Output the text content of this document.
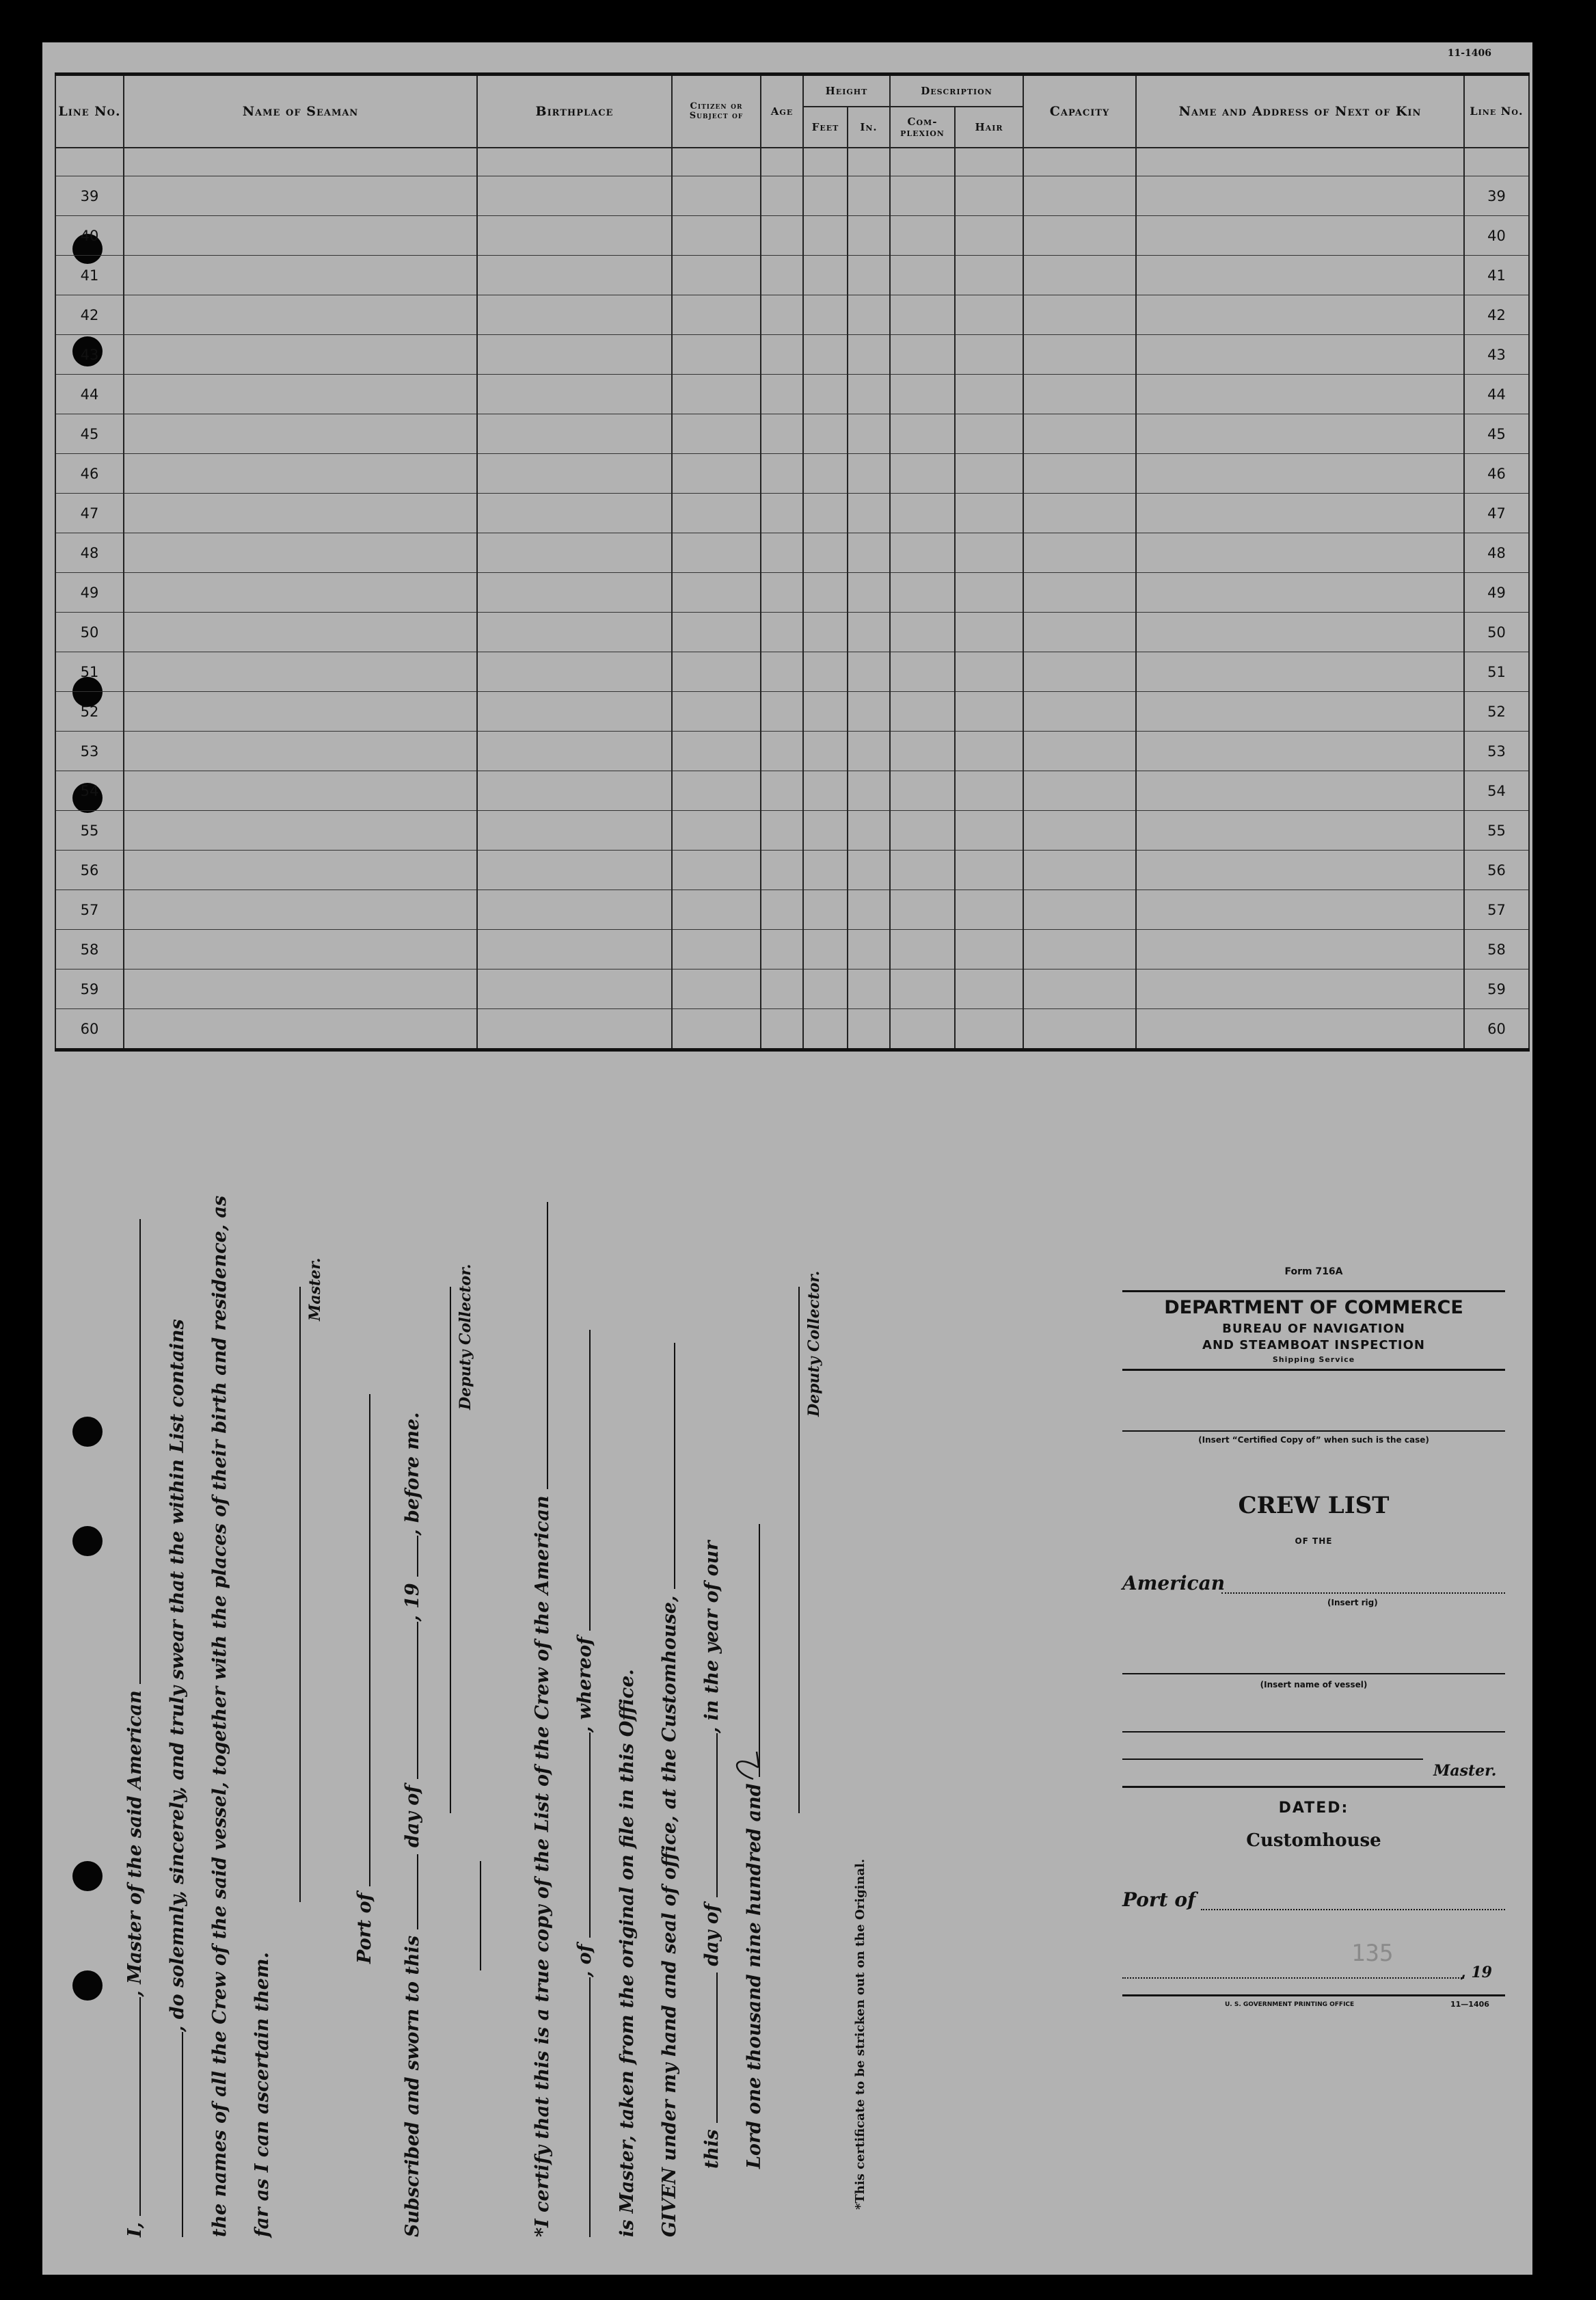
11-1406
Line No.	Name of Seaman	Birthplace	Citizen or Subject of	Age	Height		Description		Capacity	Name and Address of Next of Kin	Line No.
					Feet	In.	Com-plexion	Hair			

39											39
40											40
41											41
42											42
43											43
44											44
45											45
46											46
47											47
48											48
49											49
50											50
51											51
52											52
53											53
54											54
55											55
56											56
57											57
58											58
59											59
60											60
I, , Master of the said American , do solemnly, sincerely, and truly swear that the within List contains the names of all the Crew of the said vessel, together with the places of their birth and residence, as far as I can ascertain them.
Master.
Port of
Subscribed and sworn to this  day of , 19 , before me.
Deputy Collector.
*I certify that this is a true copy of the List of the Crew of the American , of , whereof is Master, taken from the original on file in this Office. GIVEN under my hand and seal of office, at the Customhouse, this  day of , in the year of our
Lord one thousand nine hundred and
Deputy Collector.
*This certificate to be stricken out on the Original.
Form 716A
DEPARTMENT OF COMMERCE
BUREAU OF NAVIGATION
AND STEAMBOAT INSPECTION
Shipping Service
(Insert “Certified Copy of” when such is the case)
CREW LIST
OF THE
American
(Insert rig)
(Insert name of vessel)
Master.
DATED:
Customhouse
Port of
135
, 19
U. S. GOVERNMENT PRINTING OFFICE	11—1406
